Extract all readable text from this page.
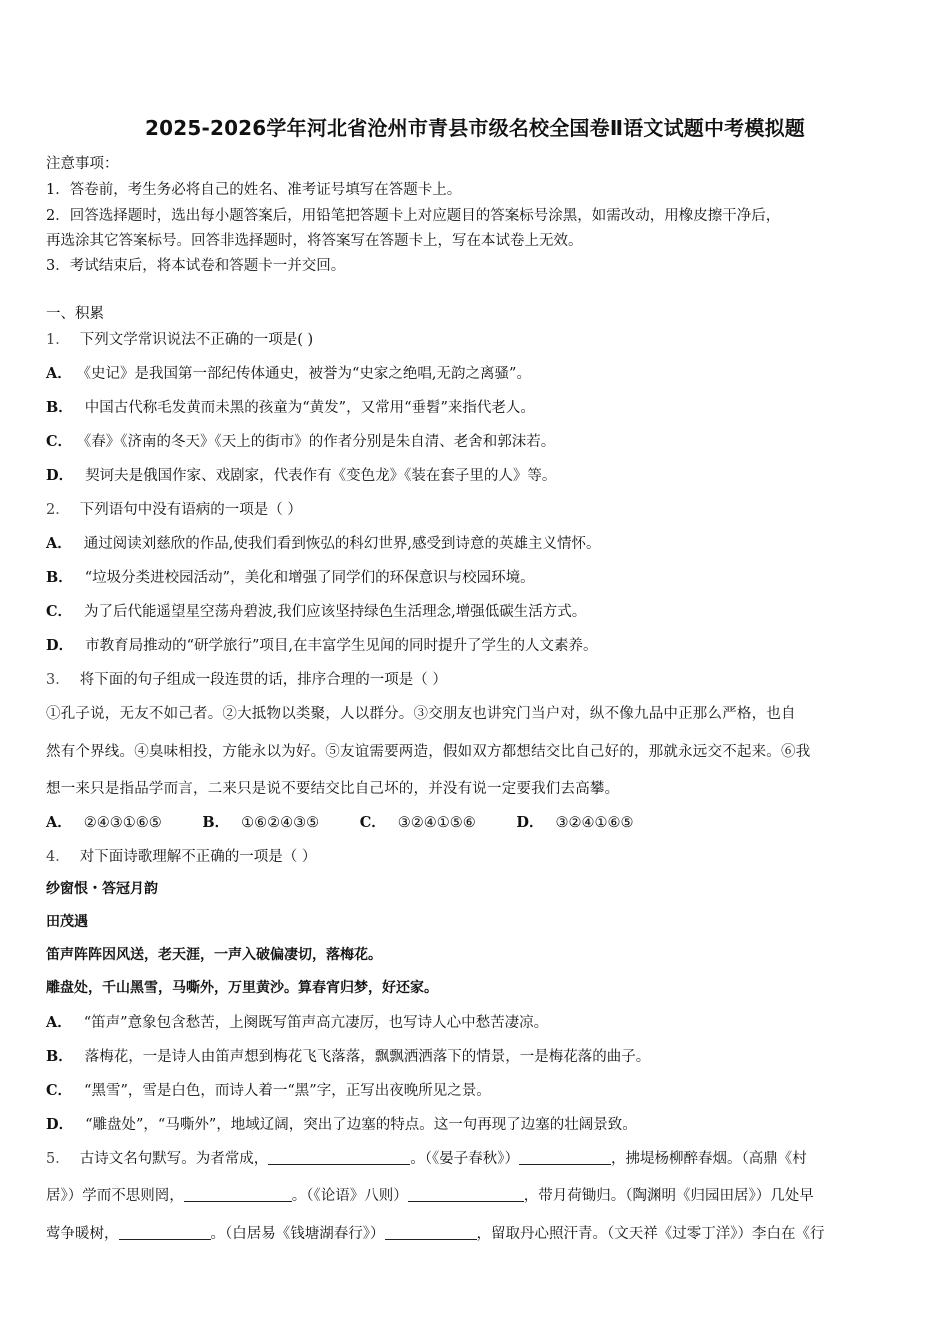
2025-2026学年河北省沧州市青县市级名校全国卷Ⅱ语文试题中考模拟题
注意事项：
1．答卷前，考生务必将自己的姓名、准考证号填写在答题卡上。
2．回答选择题时，选出每小题答案后，用铅笔把答题卡上对应题目的答案标号涂黑，如需改动，用橡皮擦干净后，
再选涂其它答案标号。回答非选择题时，将答案写在答题卡上，写在本试卷上无效。
3．考试结束后，将本试卷和答题卡一并交回。
一、积累
1． 下列文学常识说法不正确的一项是( )
A． 《史记》是我国第一部纪传体通史，被誉为“史家之绝唱,无韵之离骚”。
B． 中国古代称毛发黄而未黑的孩童为“黄发”，又常用“垂髫”来指代老人。
C． 《春》《济南的冬天》《天上的街市》的作者分别是朱自清、老舍和郭沫若。
D． 契诃夫是俄国作家、戏剧家，代表作有《变色龙》《装在套子里的人》等。
2． 下列语句中没有语病的一项是（ ）
A． 通过阅读刘慈欣的作品,使我们看到恢弘的科幻世界,感受到诗意的英雄主义情怀。
B． “垃圾分类进校园活动”，美化和增强了同学们的环保意识与校园环境。
C． 为了后代能遥望星空荡舟碧波,我们应该坚持绿色生活理念,增强低碳生活方式。
D． 市教育局推动的“研学旅行”项目,在丰富学生见闻的同时提升了学生的人文素养。
3． 将下面的句子组成一段连贯的话，排序合理的一项是（ ）
①孔子说，无友不如己者。②大抵物以类聚，人以群分。③交朋友也讲究门当户对，纵不像九品中正那么严格，也自
然有个界线。④臭味相投，方能永以为好。⑤友谊需要两造，假如双方都想结交比自己好的，那就永远交不起来。⑥我
想一来只是指品学而言，二来只是说不要结交比自己坏的，并没有说一定要我们去高攀。
A． ②④③①⑥⑤	B． ①⑥②④③⑤	C． ③②④①⑤⑥	D． ③②④①⑥⑤
4． 对下面诗歌理解不正确的一项是（ ）
纱窗恨・答冠月韵
田茂遇
笛声阵阵因风送，老天涯，一声入破偏凄切，落梅花。
雕盘处，千山黑雪，马嘶外，万里黄沙。算春宵归梦，好还家。
A． “笛声”意象包含愁苦，上阕既写笛声高亢凄厉，也写诗人心中愁苦凄凉。
B． 落梅花，一是诗人由笛声想到梅花飞飞落落，飘飘洒洒落下的情景，一是梅花落的曲子。
C． “黑雪”，雪是白色，而诗人着一“黑”字，正写出夜晚所见之景。
D． “雕盘处”，“马嘶外”，地域辽阔，突出了边塞的特点。这一句再现了边塞的壮阔景致。
5． 古诗文名句默写。为者常成，	。（《晏子春秋》）	，拂堤杨柳醉春烟。（高鼎《村
居》）学而不思则罔，	。（《论语》八则）	，带月荷锄归。（陶渊明《归园田居》）几处早
莺争暖树，	。（白居易《钱塘湖春行》）	，留取丹心照汗青。（文天祥《过零丁洋》）李白在《行
